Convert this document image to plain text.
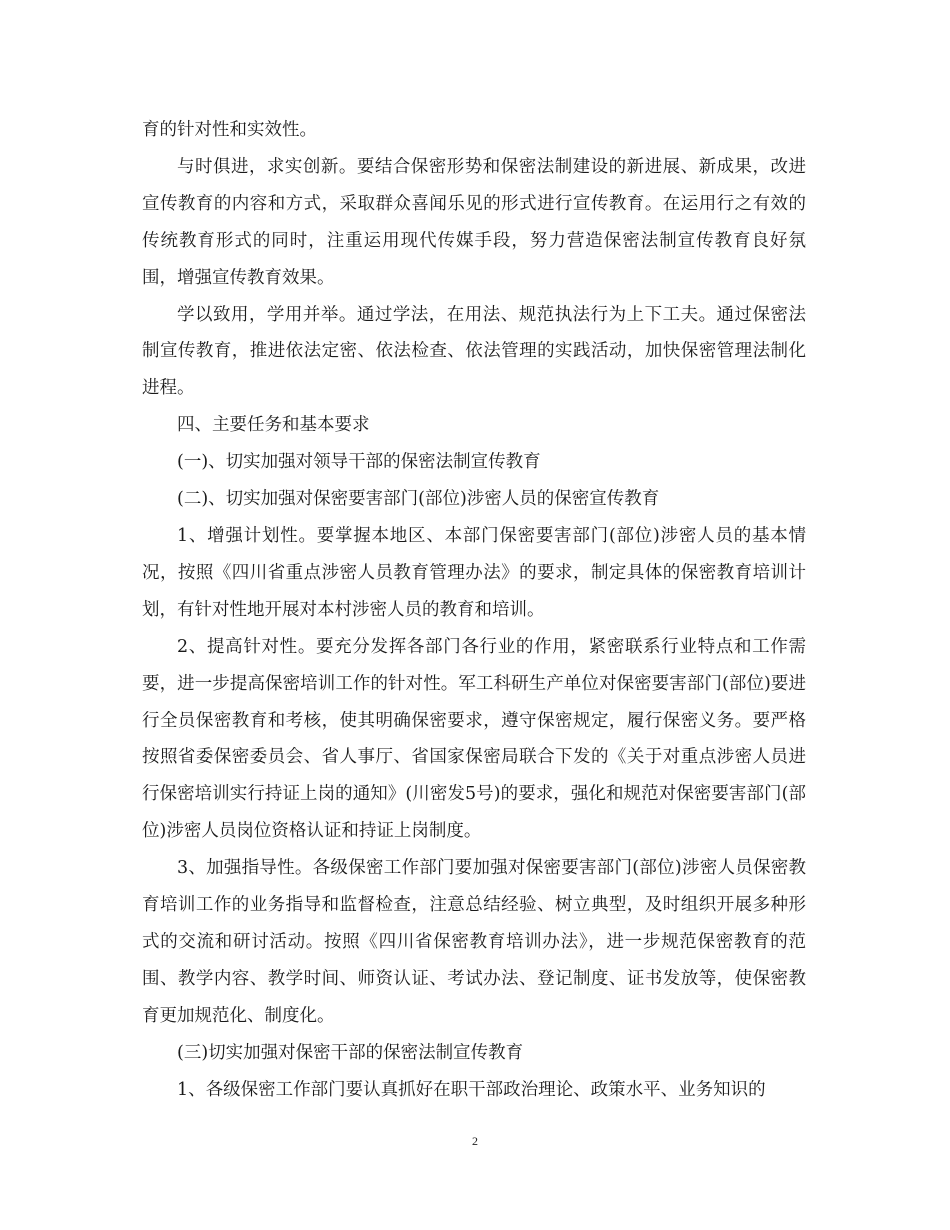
育的针对性和实效性。

与时俱进，求实创新。要结合保密形势和保密法制建设的新进展、新成果，改进宣传教育的内容和方式，采取群众喜闻乐见的形式进行宣传教育。在运用行之有效的传统教育形式的同时，注重运用现代传媒手段，努力营造保密法制宣传教育良好氛围，增强宣传教育效果。

学以致用，学用并举。通过学法，在用法、规范执法行为上下工夫。通过保密法制宣传教育，推进依法定密、依法检查、依法管理的实践活动，加快保密管理法制化进程。

四、主要任务和基本要求

(一)、切实加强对领导干部的保密法制宣传教育

(二)、切实加强对保密要害部门(部位)涉密人员的保密宣传教育

1、增强计划性。要掌握本地区、本部门保密要害部门(部位)涉密人员的基本情况，按照《四川省重点涉密人员教育管理办法》的要求，制定具体的保密教育培训计划，有针对性地开展对本村涉密人员的教育和培训。

2、提高针对性。要充分发挥各部门各行业的作用，紧密联系行业特点和工作需要，进一步提高保密培训工作的针对性。军工科研生产单位对保密要害部门(部位)要进行全员保密教育和考核，使其明确保密要求，遵守保密规定，履行保密义务。要严格按照省委保密委员会、省人事厅、省国家保密局联合下发的《关于对重点涉密人员进行保密培训实行持证上岗的通知》(川密发5号)的要求，强化和规范对保密要害部门(部位)涉密人员岗位资格认证和持证上岗制度。

3、加强指导性。各级保密工作部门要加强对保密要害部门(部位)涉密人员保密教育培训工作的业务指导和监督检查，注意总结经验、树立典型，及时组织开展多种形式的交流和研讨活动。按照《四川省保密教育培训办法》，进一步规范保密教育的范围、教学内容、教学时间、师资认证、考试办法、登记制度、证书发放等，使保密教育更加规范化、制度化。

(三)切实加强对保密干部的保密法制宣传教育

1、各级保密工作部门要认真抓好在职干部政治理论、政策水平、业务知识的

2
